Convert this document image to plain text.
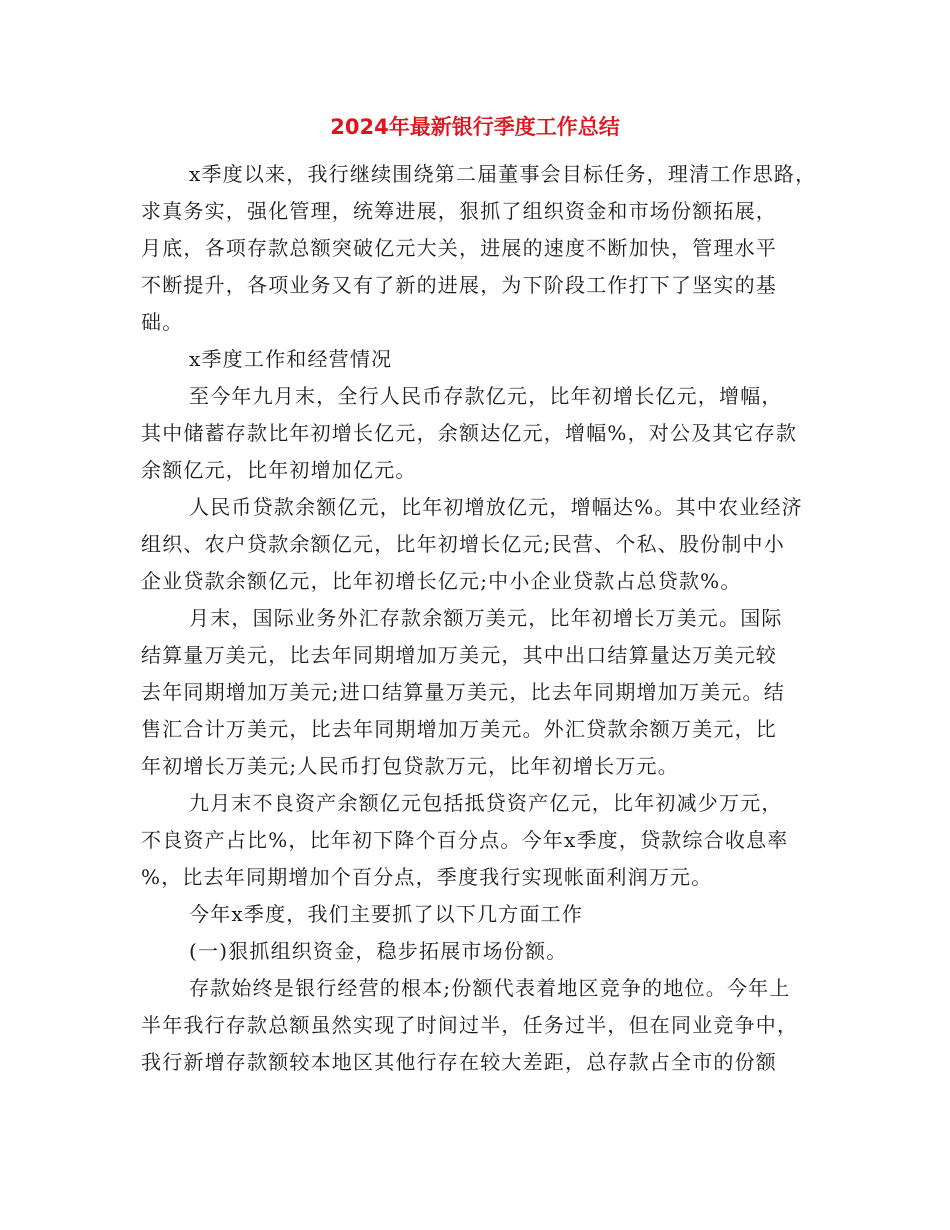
2024年最新银行季度工作总结
x季度以来，我行继续围绕第二届董事会目标任务，理清工作思路，
求真务实，强化管理，统筹进展，狠抓了组织资金和市场份额拓展，
月底，各项存款总额突破亿元大关，进展的速度不断加快，管理水平
不断提升，各项业务又有了新的进展，为下阶段工作打下了坚实的基
础。
x季度工作和经营情况
至今年九月末，全行人民币存款亿元，比年初增长亿元，增幅，
其中储蓄存款比年初增长亿元，余额达亿元，增幅%，对公及其它存款
余额亿元，比年初增加亿元。
人民币贷款余额亿元，比年初增放亿元，增幅达%。其中农业经济
组织、农户贷款余额亿元，比年初增长亿元;民营、个私、股份制中小
企业贷款余额亿元，比年初增长亿元;中小企业贷款占总贷款%。
月末，国际业务外汇存款余额万美元，比年初增长万美元。国际
结算量万美元，比去年同期增加万美元，其中出口结算量达万美元较
去年同期增加万美元;进口结算量万美元，比去年同期增加万美元。结
售汇合计万美元，比去年同期增加万美元。外汇贷款余额万美元，比
年初增长万美元;人民币打包贷款万元，比年初增长万元。
九月末不良资产余额亿元包括抵贷资产亿元，比年初减少万元，
不良资产占比%，比年初下降个百分点。今年x季度，贷款综合收息率
%，比去年同期增加个百分点，季度我行实现帐面利润万元。
今年x季度，我们主要抓了以下几方面工作
(一)狠抓组织资金，稳步拓展市场份额。
存款始终是银行经营的根本;份额代表着地区竞争的地位。今年上
半年我行存款总额虽然实现了时间过半，任务过半，但在同业竞争中，
我行新增存款额较本地区其他行存在较大差距，总存款占全市的份额
